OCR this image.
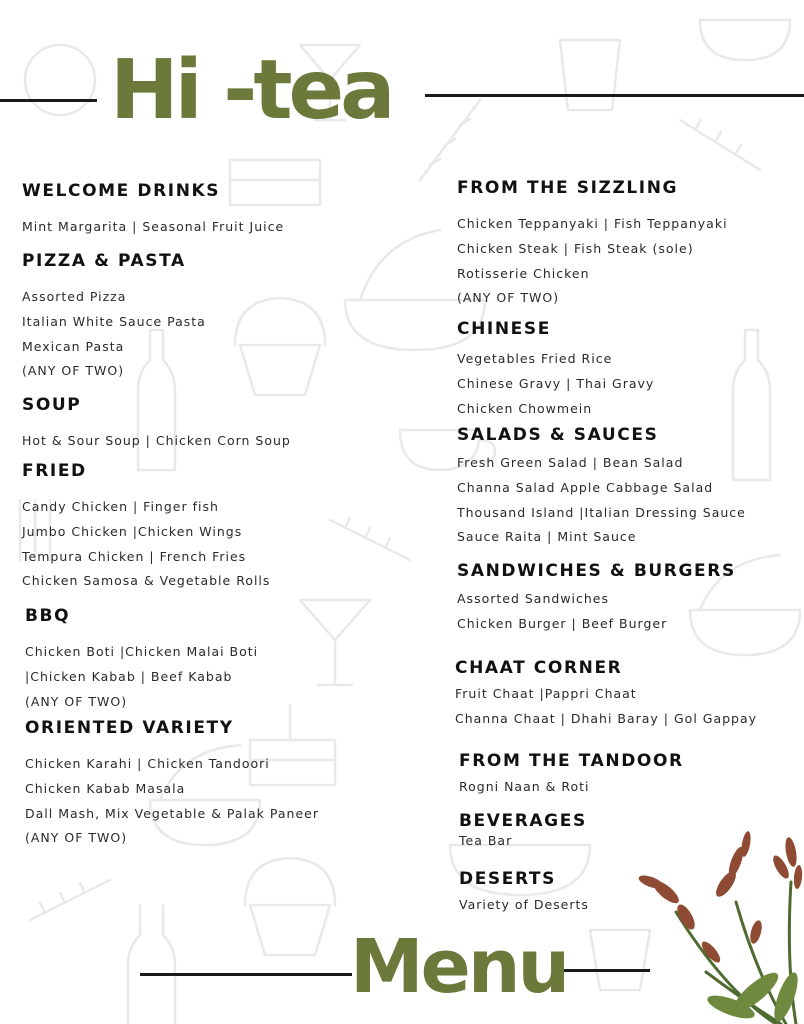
Hi -tea
WELCOME DRINKS
Mint Margarita | Seasonal Fruit Juice
PIZZA & PASTA
Assorted Pizza
Italian White Sauce Pasta
Mexican Pasta
(ANY OF TWO)
SOUP
Hot & Sour Soup | Chicken Corn Soup
FRIED
Candy Chicken | Finger fish
Jumbo Chicken |Chicken Wings
Tempura Chicken | French Fries
Chicken Samosa & Vegetable Rolls
BBQ
Chicken Boti |Chicken Malai Boti
|Chicken Kabab | Beef Kabab
(ANY OF TWO)
ORIENTED VARIETY
Chicken Karahi | Chicken Tandoori
Chicken Kabab Masala
Dall Mash, Mix Vegetable & Palak Paneer
(ANY OF TWO)
FROM THE SIZZLING
Chicken Teppanyaki | Fish Teppanyaki
Chicken Steak | Fish Steak (sole)
Rotisserie Chicken
(ANY OF TWO)
CHINESE
Vegetables Fried Rice
Chinese Gravy | Thai Gravy
Chicken Chowmein
SALADS & SAUCES
Fresh Green Salad | Bean Salad
Channa Salad Apple Cabbage Salad
Thousand Island |Italian Dressing Sauce
Sauce Raita | Mint Sauce
SANDWICHES & BURGERS
Assorted Sandwiches
Chicken Burger | Beef Burger
CHAAT CORNER
Fruit Chaat |Pappri Chaat
Channa Chaat | Dhahi Baray | Gol Gappay
FROM THE TANDOOR
Rogni Naan & Roti
BEVERAGES
Tea Bar
DESERTS
Variety of Deserts
Menu
